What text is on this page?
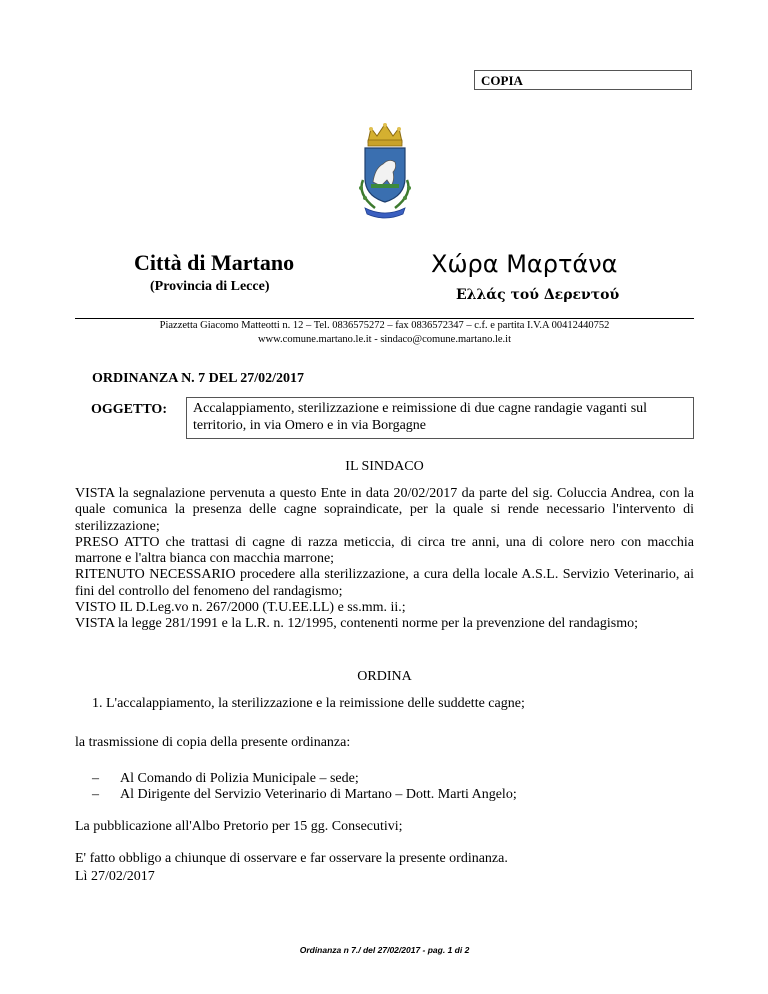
COPIA
Città di Martano
(Provincia di Lecce)
Χώρα Μαρτάνα
Ελλάς τού Δερεντού
Piazzetta Giacomo Matteotti n. 12 – Tel. 0836575272 – fax 0836572347 – c.f. e partita I.V.A 00412440752
www.comune.martano.le.it - sindaco@comune.martano.le.it
ORDINANZA N. 7 DEL 27/02/2017
OGGETTO:	Accalappiamento, sterilizzazione e reimissione di due cagne randagie vaganti sul territorio, in via Omero e in via Borgagne
IL SINDACO

VISTA la segnalazione pervenuta a questo Ente in data 20/02/2017 da parte del sig. Coluccia Andrea, con la quale comunica la presenza delle cagne sopraindicate, per la quale si rende necessario l'intervento di sterilizzazione;

PRESO ATTO che trattasi di cagne di razza meticcia, di circa tre anni, una di colore nero con macchia marrone e l'altra bianca con macchia marrone;

RITENUTO NECESSARIO procedere alla sterilizzazione, a cura della locale A.S.L. Servizio Veterinario, ai fini del controllo del fenomeno del randagismo;

VISTO IL D.Leg.vo n. 267/2000 (T.U.EE.LL) e ss.mm. ii.;

VISTA la legge 281/1991 e la L.R. n. 12/1995, contenenti norme per la prevenzione del randagismo;

ORDINA
1. L'accalappiamento, la sterilizzazione e la reimissione delle suddette cagne;
la trasmissione di copia della presente ordinanza:
– Al Comando di Polizia Municipale – sede;
– Al Dirigente del Servizio Veterinario di Martano – Dott. Marti Angelo;
La pubblicazione all'Albo Pretorio per 15 gg. Consecutivi;
E' fatto obbligo a chiunque di osservare e far osservare la presente ordinanza.
Lì 27/02/2017
Ordinanza n 7./ del 27/02/2017 - pag. 1 di 2
